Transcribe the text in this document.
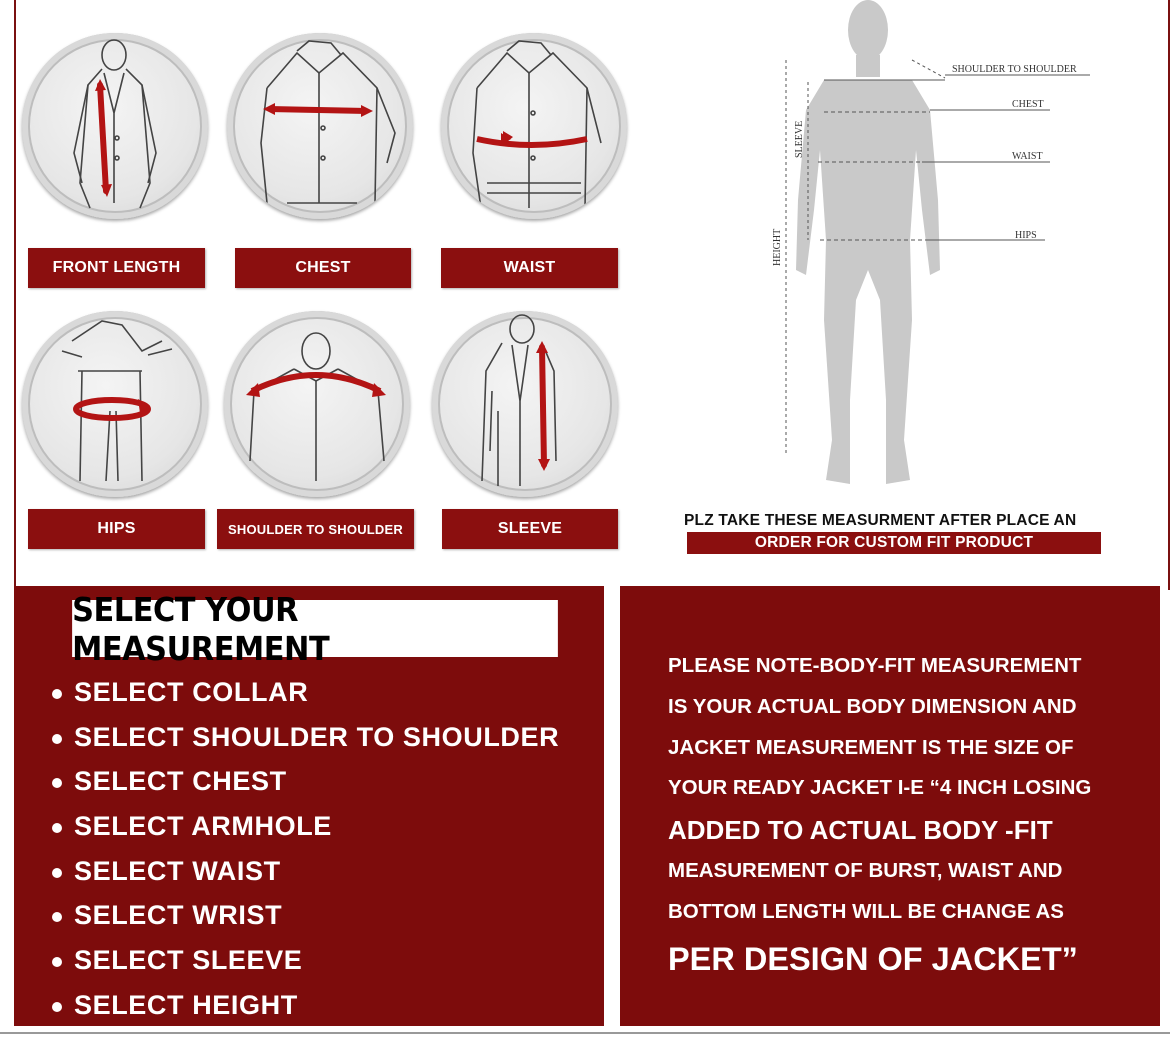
FRONT LENGTH	CHEST	WAIST
HIPS	SHOULDER TO SHOULDER	SLEEVE
SHOULDER TO SHOULDER
CHEST
WAIST
HIPS
SLEEVE
HEIGHT
PLZ TAKE THESE MEASURMENT AFTER PLACE AN
ORDER FOR CUSTOM FIT PRODUCT
SELECT YOUR MEASUREMENT
SELECT COLLAR
SELECT SHOULDER TO SHOULDER
SELECT CHEST
SELECT ARMHOLE
SELECT WAIST
SELECT WRIST
SELECT SLEEVE
SELECT HEIGHT
PLEASE NOTE-BODY-FIT MEASUREMENT
IS YOUR ACTUAL BODY DIMENSION AND
JACKET MEASUREMENT IS THE SIZE OF
YOUR READY JACKET I-E “4 INCH LOSING
ADDED TO ACTUAL BODY -FIT
MEASUREMENT OF BURST, WAIST AND
BOTTOM LENGTH WILL BE CHANGE AS
PER DESIGN OF JACKET”
